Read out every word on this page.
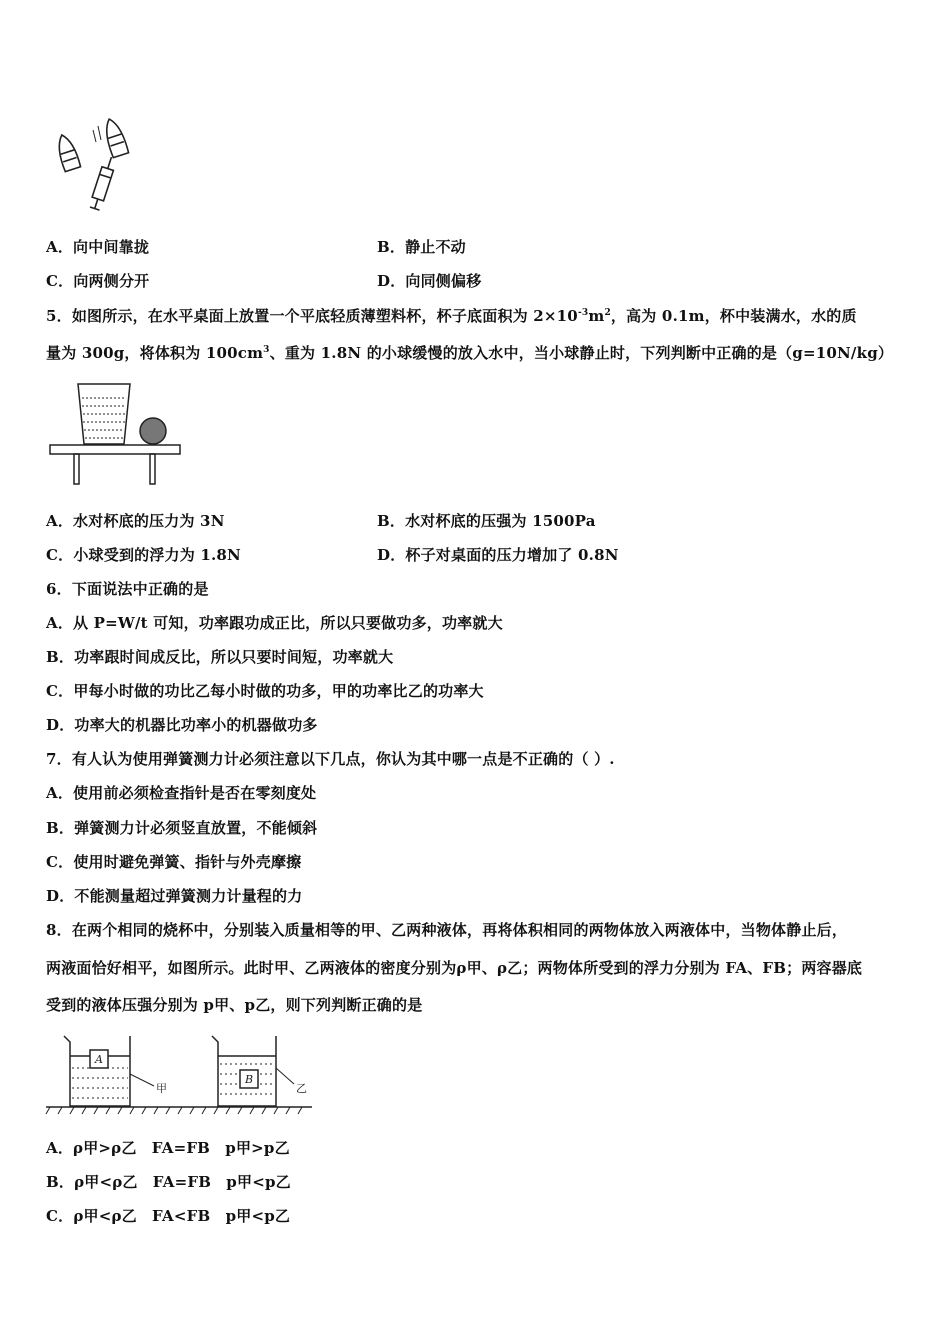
A．向中间靠拢	B．静止不动
C．向两侧分开	D．向同侧偏移
5．如图所示，在水平桌面上放置一个平底轻质薄塑料杯，杯子底面积为 $2\times 10^{-3}m^2$，高为 0.1m，杯中装满水，水的质
量为 300g，将体积为 $100cm^3$、重为 1.8N 的小球缓慢的放入水中，当小球静止时，下列判断中正确的是（g=10N/kg）
A．水对杯底的压力为 3N	B．水对杯底的压强为 1500Pa
C．小球受到的浮力为 1.8N	D．杯子对桌面的压力增加了 0.8N
6．下面说法中正确的是
A．从 P=W/t 可知，功率跟功成正比，所以只要做功多，功率就大
B．功率跟时间成反比，所以只要时间短，功率就大
C．甲每小时做的功比乙每小时做的功多，甲的功率比乙的功率大
D．功率大的机器比功率小的机器做功多
7．有人认为使用弹簧测力计必须注意以下几点，你认为其中哪一点是不正确的（ ）.
A．使用前必须检查指针是否在零刻度处
B．弹簧测力计必须竖直放置，不能倾斜
C．使用时避免弹簧、指针与外壳摩擦
D．不能测量超过弹簧测力计量程的力
8．在两个相同的烧杯中，分别装入质量相等的甲、乙两种液体，再将体积相同的两物体放入两液体中，当物体静止后，
两液面恰好相平，如图所示。此时甲、乙两液体的密度分别为ρ甲、ρ乙；两物体所受到的浮力分别为 FA、FB；两容器底
受到的液体压强分别为 p甲、p乙，则下列判断正确的是
A
B
甲	乙
A．ρ甲>ρ乙　FA=FB　p甲>p乙
B．ρ甲<ρ乙　FA=FB　p甲<p乙
C．ρ甲<ρ乙　FA<FB　p甲<p乙
